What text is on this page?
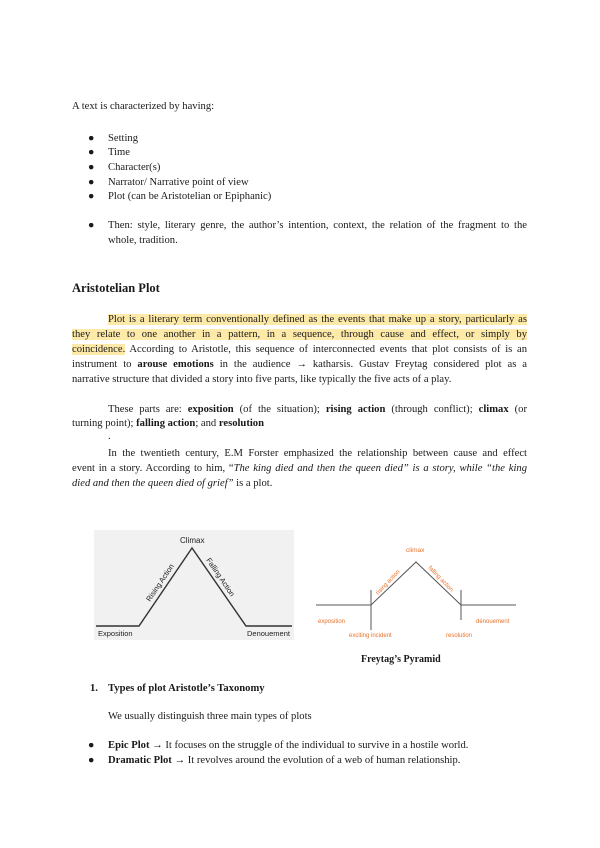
A text is characterized by having:

● Setting
● Time
● Character(s)
● Narrator/ Narrative point of view
● Plot (can be Aristotelian or Epiphanic)
● Then: style, literary genre, the author’s intention, context, the relation of the fragment to the
whole, tradition.

Aristotelian Plot

Plot is a literary term conventionally defined as the events that make up a story, particularly as
they relate to one another in a pattern, in a sequence, through cause and effect, or simply by
coincidence. According to Aristotle, this sequence of interconnected events that plot consists of is an
instrument to arouse emotions in the audience → katharsis. Gustav Freytag considered plot as a
narrative structure that divided a story into five parts, like typically the five acts of a play.
These parts are: exposition (of the situation); rising action (through conflict); climax (or
turning point); falling action; and resolution
.
In the twentieth century, E.M Forster emphasized the relationship between cause and effect
event in a story. According to him, “The king died and then the queen died” is a story, while “the king
died and then the queen died of grief” is a plot.
Climax
Rising Action	Falling Action
Exposition	Denouement
climax
rising action	falling action
exposition
exciting incident	resolution
dénouement

Freytag’s Pyramid

1. Types of plot Aristotle’s Taxonomy

We usually distinguish three main types of plots

● Epic Plot → It focuses on the struggle of the individual to survive in a hostile world.
● Dramatic Plot → It revolves around the evolution of a web of human relationship.
